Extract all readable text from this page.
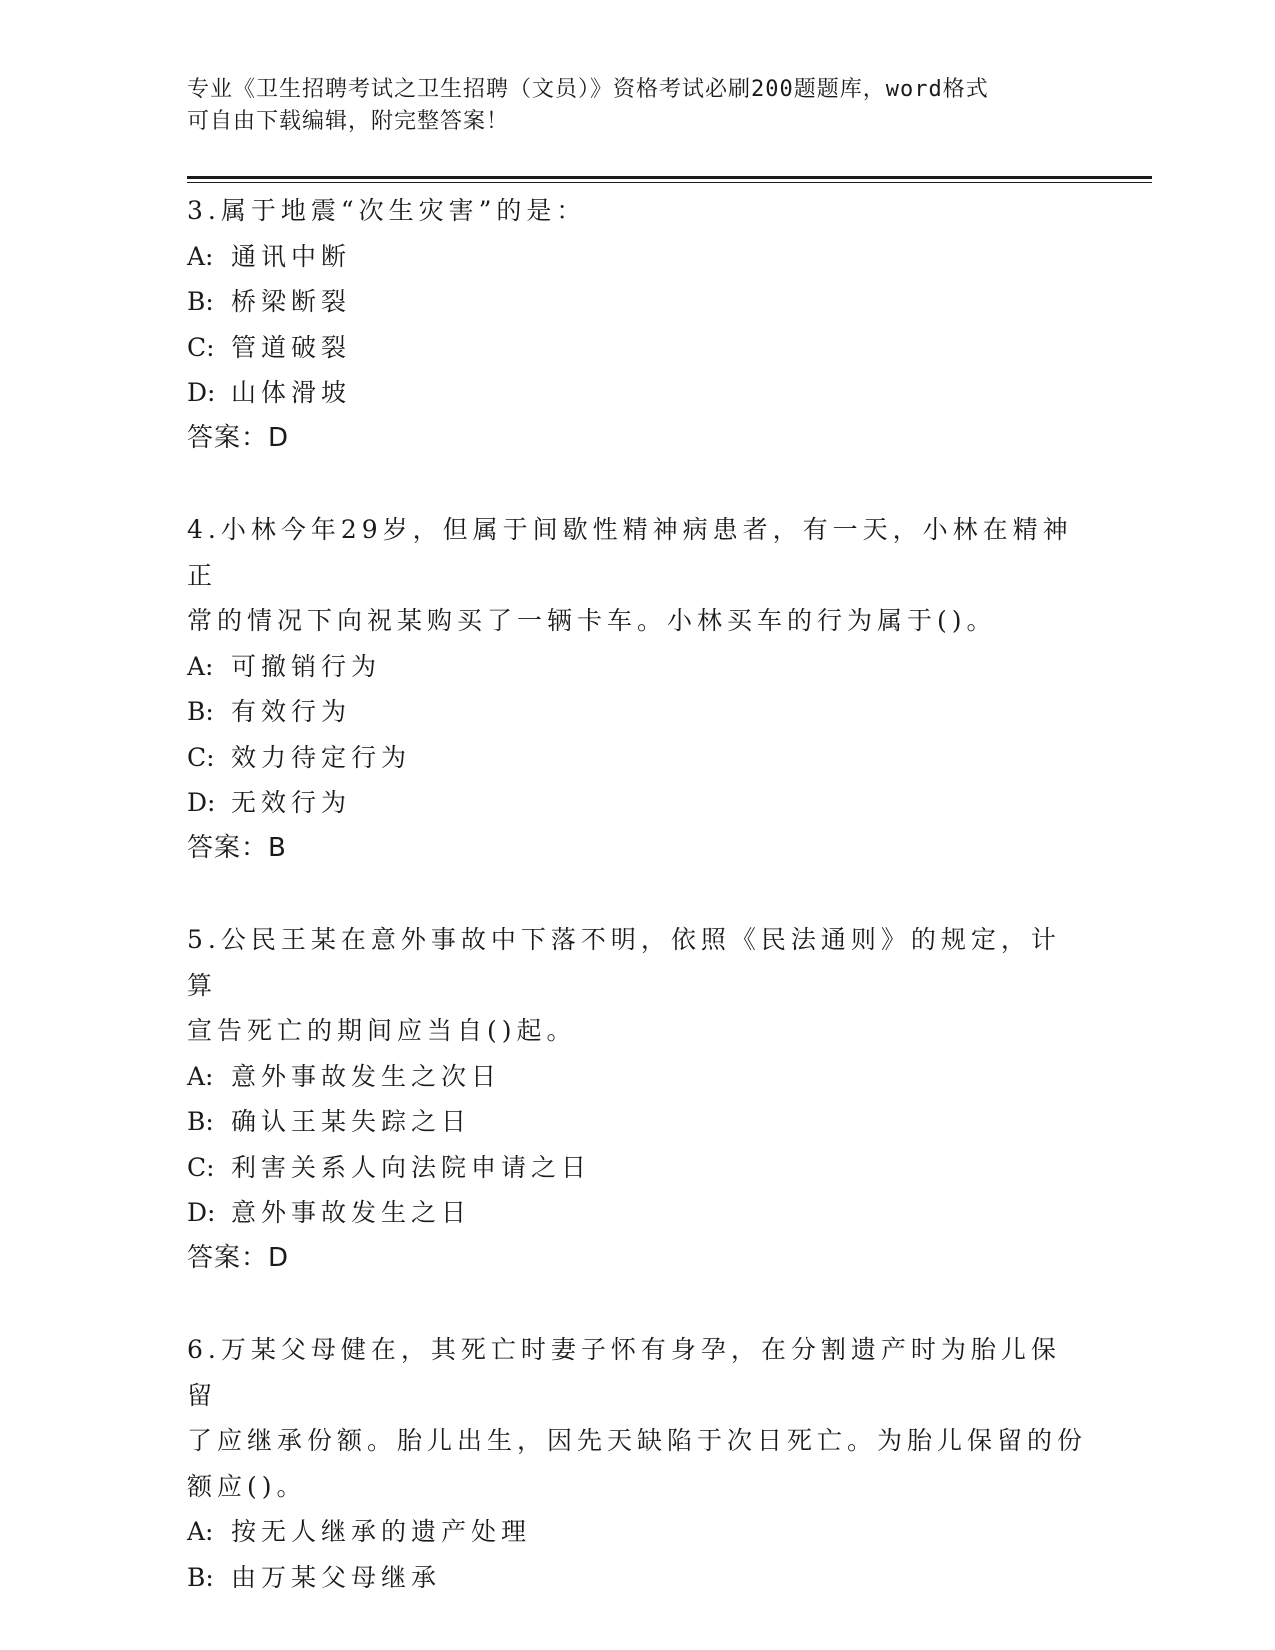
专业《卫生招聘考试之卫生招聘（文员）》资格考试必刷200题题库，word格式
可自由下载编辑，附完整答案！
3.属于地震“次生灾害”的是：
A: 通讯中断
B: 桥梁断裂
C: 管道破裂
D: 山体滑坡
答案：D
4.小林今年29岁，但属于间歇性精神病患者，有一天，小林在精神正
常的情况下向祝某购买了一辆卡车。小林买车的行为属于()。
A: 可撤销行为
B: 有效行为
C: 效力待定行为
D: 无效行为
答案：B
5.公民王某在意外事故中下落不明，依照《民法通则》的规定，计算
宣告死亡的期间应当自()起。
A: 意外事故发生之次日
B: 确认王某失踪之日
C: 利害关系人向法院申请之日
D: 意外事故发生之日
答案：D
6.万某父母健在，其死亡时妻子怀有身孕，在分割遗产时为胎儿保留
了应继承份额。胎儿出生，因先天缺陷于次日死亡。为胎儿保留的份
额应()。
A: 按无人继承的遗产处理
B: 由万某父母继承
